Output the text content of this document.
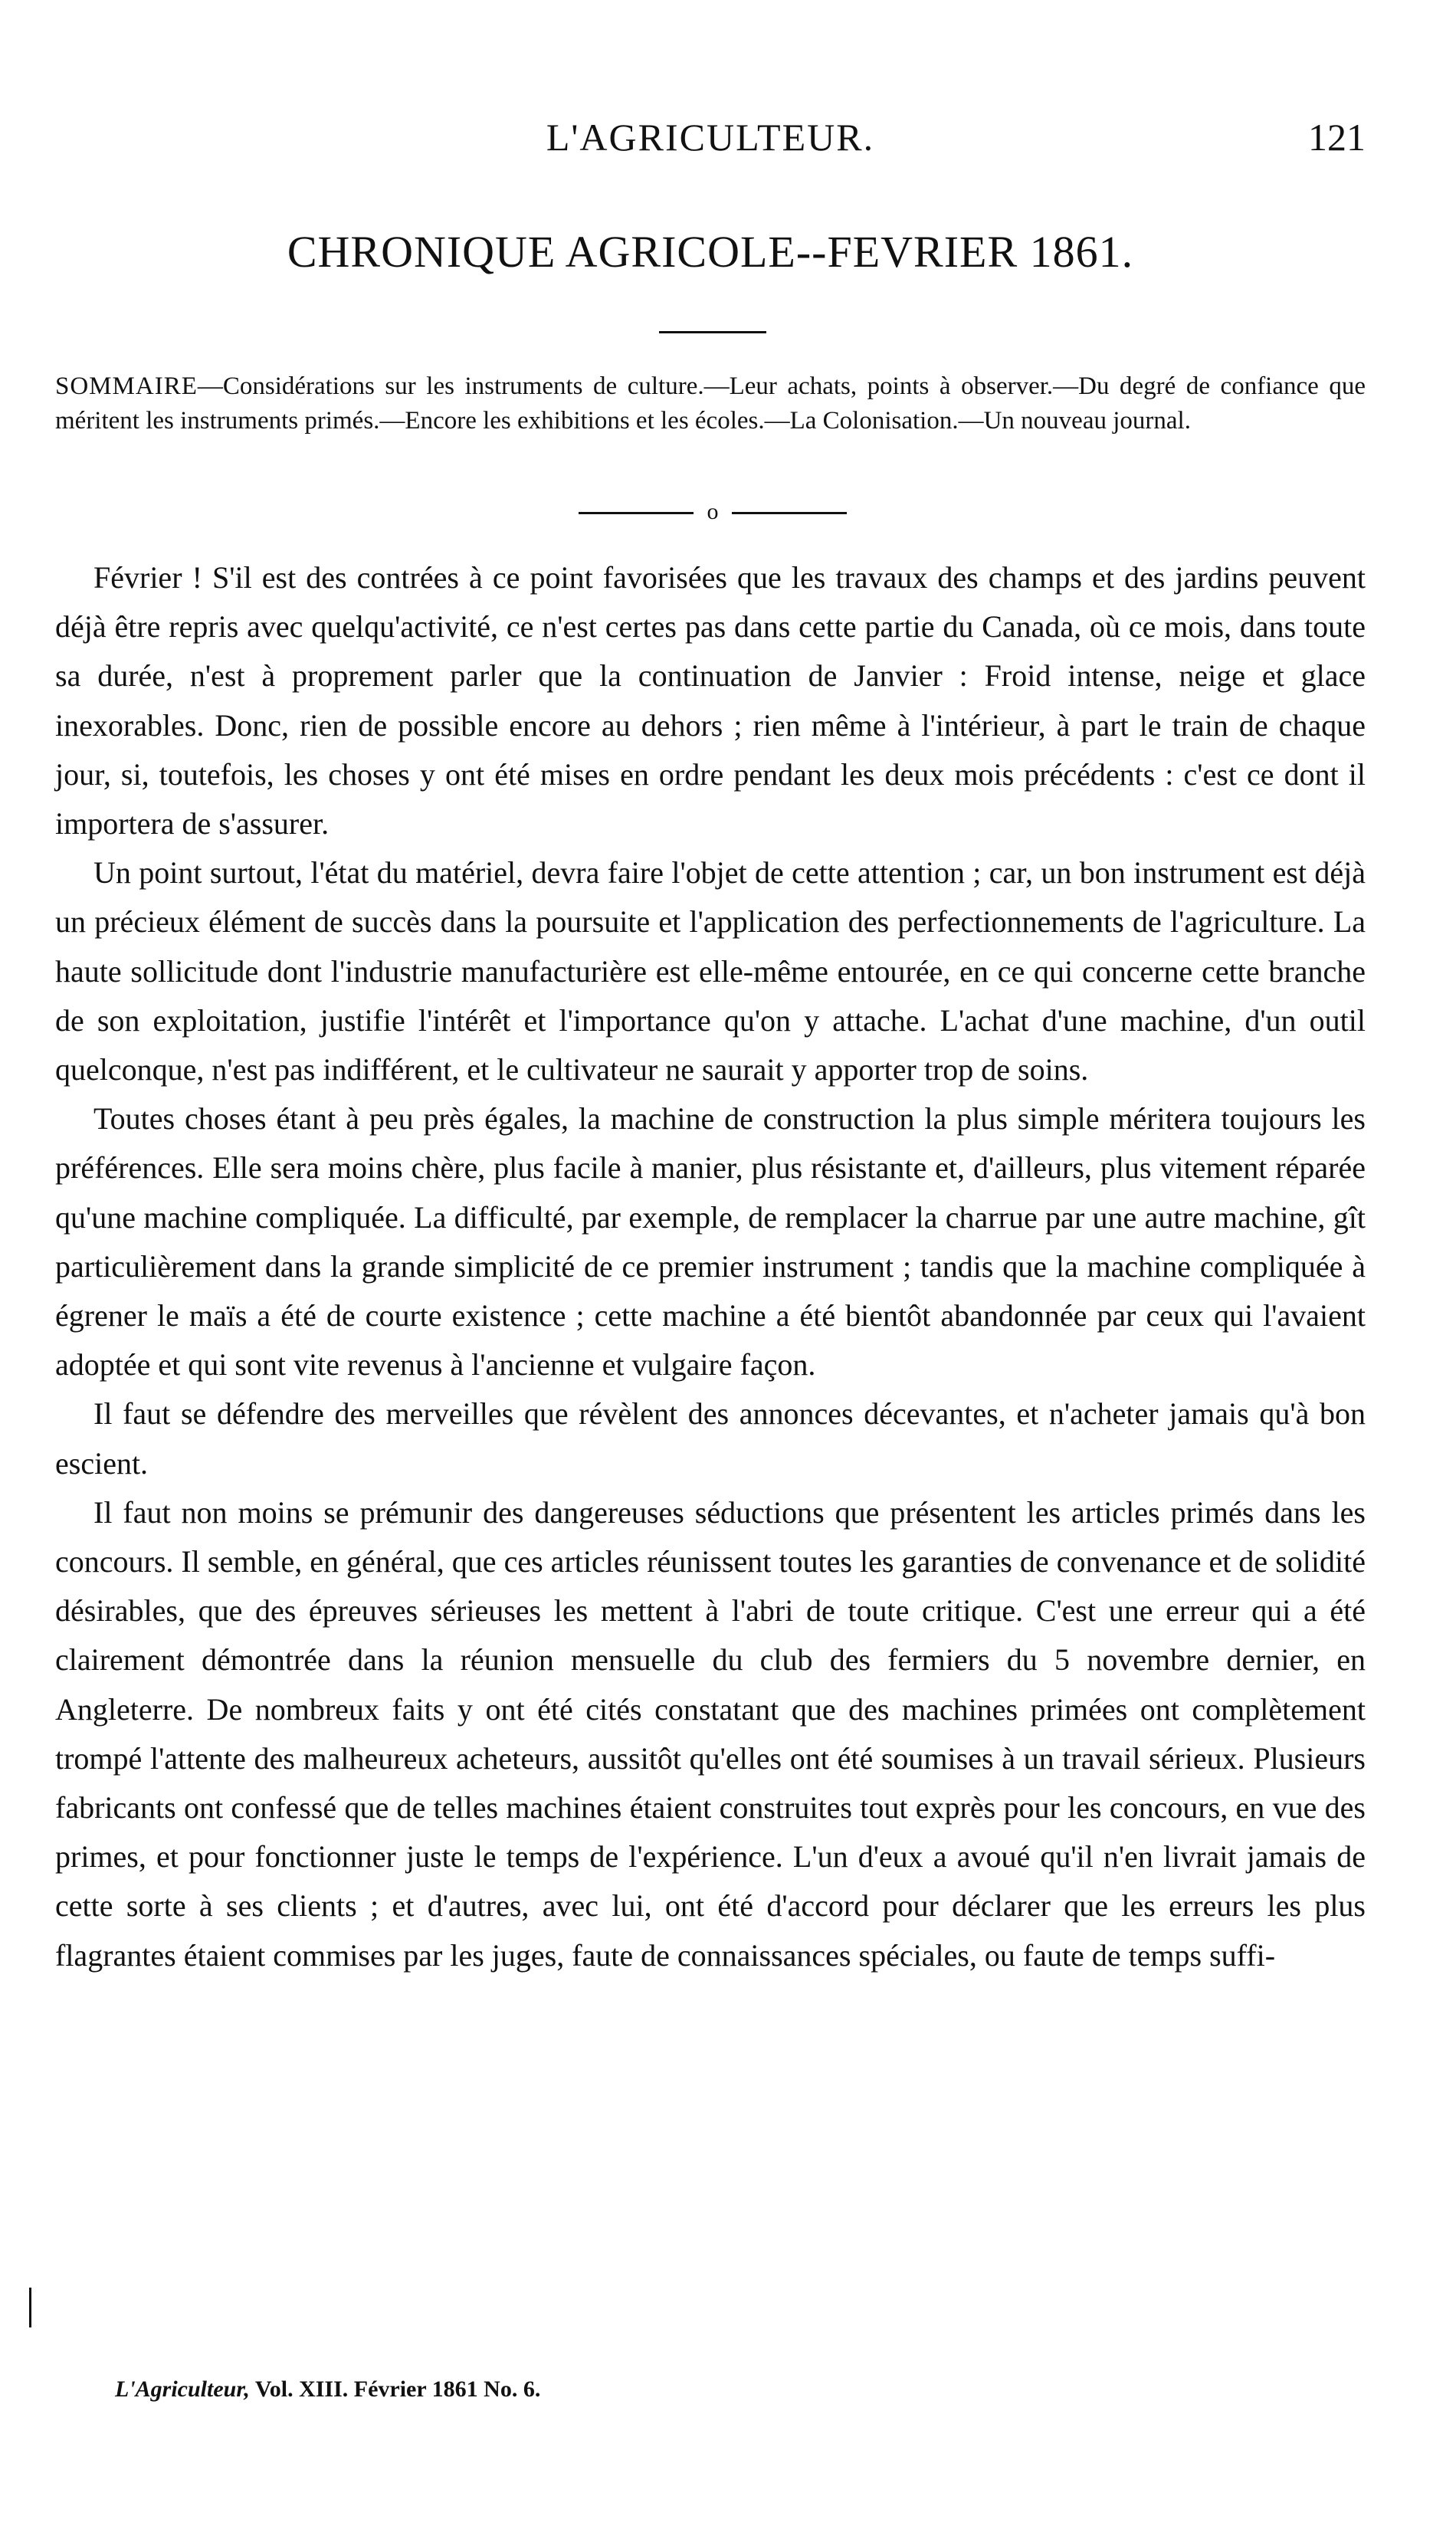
L'AGRICULTEUR.	121
CHRONIQUE AGRICOLE--FEVRIER 1861.
SOMMAIRE—Considérations sur les instruments de culture.—Leur achats, points à observer.—Du degré de confiance que méritent les instruments primés.—Encore les exhibitions et les écoles.—La Colonisation.—Un nouveau journal.
o

Février ! S'il est des contrées à ce point favorisées que les travaux des champs et des jardins peuvent déjà être repris avec quelqu'activité, ce n'est certes pas dans cette partie du Canada, où ce mois, dans toute sa durée, n'est à proprement parler que la continuation de Janvier : Froid intense, neige et glace inexorables. Donc, rien de possible encore au dehors ; rien même à l'intérieur, à part le train de chaque jour, si, toutefois, les choses y ont été mises en ordre pendant les deux mois précédents : c'est ce dont il importera de s'assurer.

Un point surtout, l'état du matériel, devra faire l'objet de cette attention ; car, un bon instrument est déjà un précieux élément de succès dans la poursuite et l'application des perfectionnements de l'agriculture. La haute sollicitude dont l'industrie manufacturière est elle-même entourée, en ce qui concerne cette branche de son exploitation, justifie l'intérêt et l'importance qu'on y attache. L'achat d'une machine, d'un outil quelconque, n'est pas indifférent, et le cultivateur ne saurait y apporter trop de soins.

Toutes choses étant à peu près égales, la machine de construction la plus simple méritera toujours les préférences. Elle sera moins chère, plus facile à manier, plus résistante et, d'ailleurs, plus vitement réparée qu'une machine compliquée. La difficulté, par exemple, de remplacer la charrue par une autre machine, gît particulièrement dans la grande simplicité de ce premier instrument ; tandis que la machine compliquée à égrener le maïs a été de courte existence ; cette machine a été bientôt abandonnée par ceux qui l'avaient adoptée et qui sont vite revenus à l'ancienne et vulgaire façon.

Il faut se défendre des merveilles que révèlent des annonces décevantes, et n'acheter jamais qu'à bon escient.

Il faut non moins se prémunir des dangereuses séductions que présentent les articles primés dans les concours. Il semble, en général, que ces articles réunissent toutes les garanties de convenance et de solidité désirables, que des épreuves sérieuses les mettent à l'abri de toute critique. C'est une erreur qui a été clairement démontrée dans la réunion mensuelle du club des fermiers du 5 novembre dernier, en Angleterre. De nombreux faits y ont été cités constatant que des machines primées ont complètement trompé l'attente des malheureux acheteurs, aussitôt qu'elles ont été soumises à un travail sérieux. Plusieurs fabricants ont confessé que de telles machines étaient construites tout exprès pour les concours, en vue des primes, et pour fonctionner juste le temps de l'expérience. L'un d'eux a avoué qu'il n'en livrait jamais de cette sorte à ses clients ; et d'autres, avec lui, ont été d'accord pour déclarer que les erreurs les plus flagrantes étaient commises par les juges, faute de connaissances spéciales, ou faute de temps suffi-

L'Agriculteur, Vol. XIII. Février 1861 No. 6.
